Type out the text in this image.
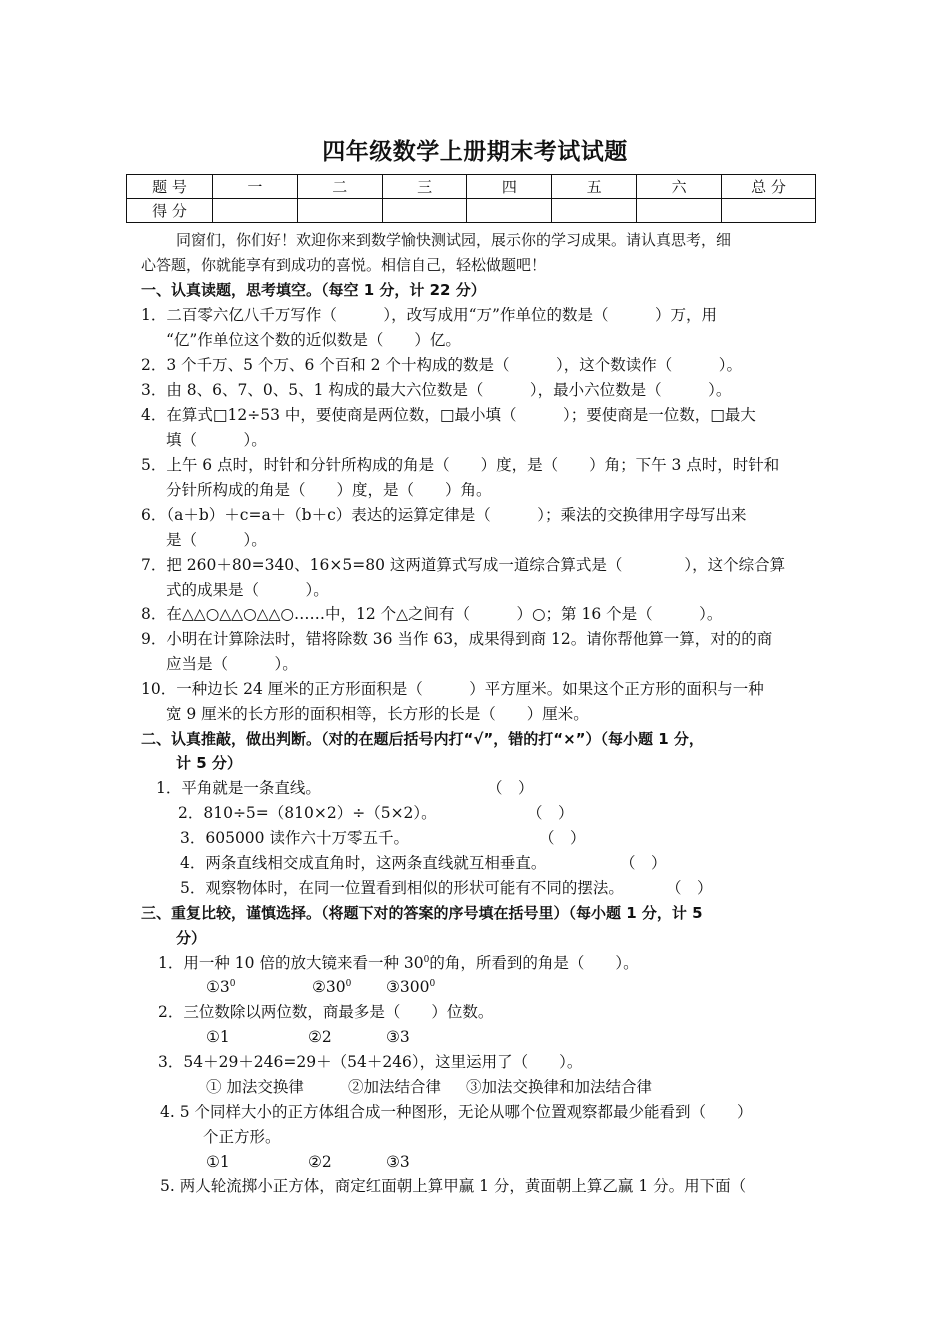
四年级数学上册期末考试试题
题 号	一	二	三	四	五	六	总 分
得 分							
同窗们，你们好！欢迎你来到数学愉快测试园，展示你的学习成果。请认真思考，细
心答题，你就能享有到成功的喜悦。相信自己，轻松做题吧！
一、认真读题，思考填空。（每空 1 分，计 22 分）
1．二百零六亿八千万写作（　　　），改写成用“万”作单位的数是（　　　）万，用
“亿”作单位这个数的近似数是（　　）亿。
2．3 个千万、5 个万、6 个百和 2 个十构成的数是（　　　），这个数读作（　　　）。
3．由 8、6、7、0、5、1 构成的最大六位数是（　　　），最小六位数是（　　　）。
4．在算式□12÷53 中，要使商是两位数，□最小填（　　　）；要使商是一位数，□最大
填（　　　）。
5．上午 6 点时，时针和分针所构成的角是（　　）度，是（　　）角；下午 3 点时，时针和
分针所构成的角是（　　）度，是（　　）角。
6．（a＋b）＋c=a＋（b＋c）表达的运算定律是（　　　）；乘法的交换律用字母写出来
是（　　　）。
7．把 260＋80=340、16×5=80 这两道算式写成一道综合算式是（　　　　），这个综合算
式的成果是（　　　）。
8．在△△○△△○△△○……中，12 个△之间有（　　　）○；第 16 个是（　　　）。
9．小明在计算除法时，错将除数 36 当作 63，成果得到商 12。请你帮他算一算，对的的商
应当是（　　　）。
10．一种边长 24 厘米的正方形面积是（　　　）平方厘米。如果这个正方形的面积与一种
宽 9 厘米的长方形的面积相等，长方形的长是（　　）厘米。
二、认真推敲，做出判断。（对的在题后括号内打“√”，错的打“×”）（每小题 1 分，
计 5 分）
1．平角就是一条直线。	（　）
2．810÷5=（810×2）÷（5×2）。	（　）
3．605000 读作六十万零五千。	（　）
4．两条直线相交成直角时，这两条直线就互相垂直。	（　）
5．观察物体时，在同一位置看到相似的形状可能有不同的摆法。	（　）
三、重复比较，谨慎选择。（将题下对的答案的序号填在括号里）（每小题 1 分，计 5
分）
1．用一种 10 倍的放大镜来看一种 $30^0$的角，所看到的角是（　　）。
$①3^0$	$②30^0$ $③300^0$
2．三位数除以两位数，商最多是（　　）位数。
①1	②2	③3
3．54＋29＋246=29＋（54＋246），这里运用了（　　）。
① 加法交换律	②加法结合律 ③加法交换律和加法结合律
4. 5 个同样大小的正方体组合成一种图形，无论从哪个位置观察都最少能看到（　　）
个正方形。
①1	②2	③3
5. 两人轮流掷小正方体，商定红面朝上算甲赢 1 分，黄面朝上算乙赢 1 分。用下面（
